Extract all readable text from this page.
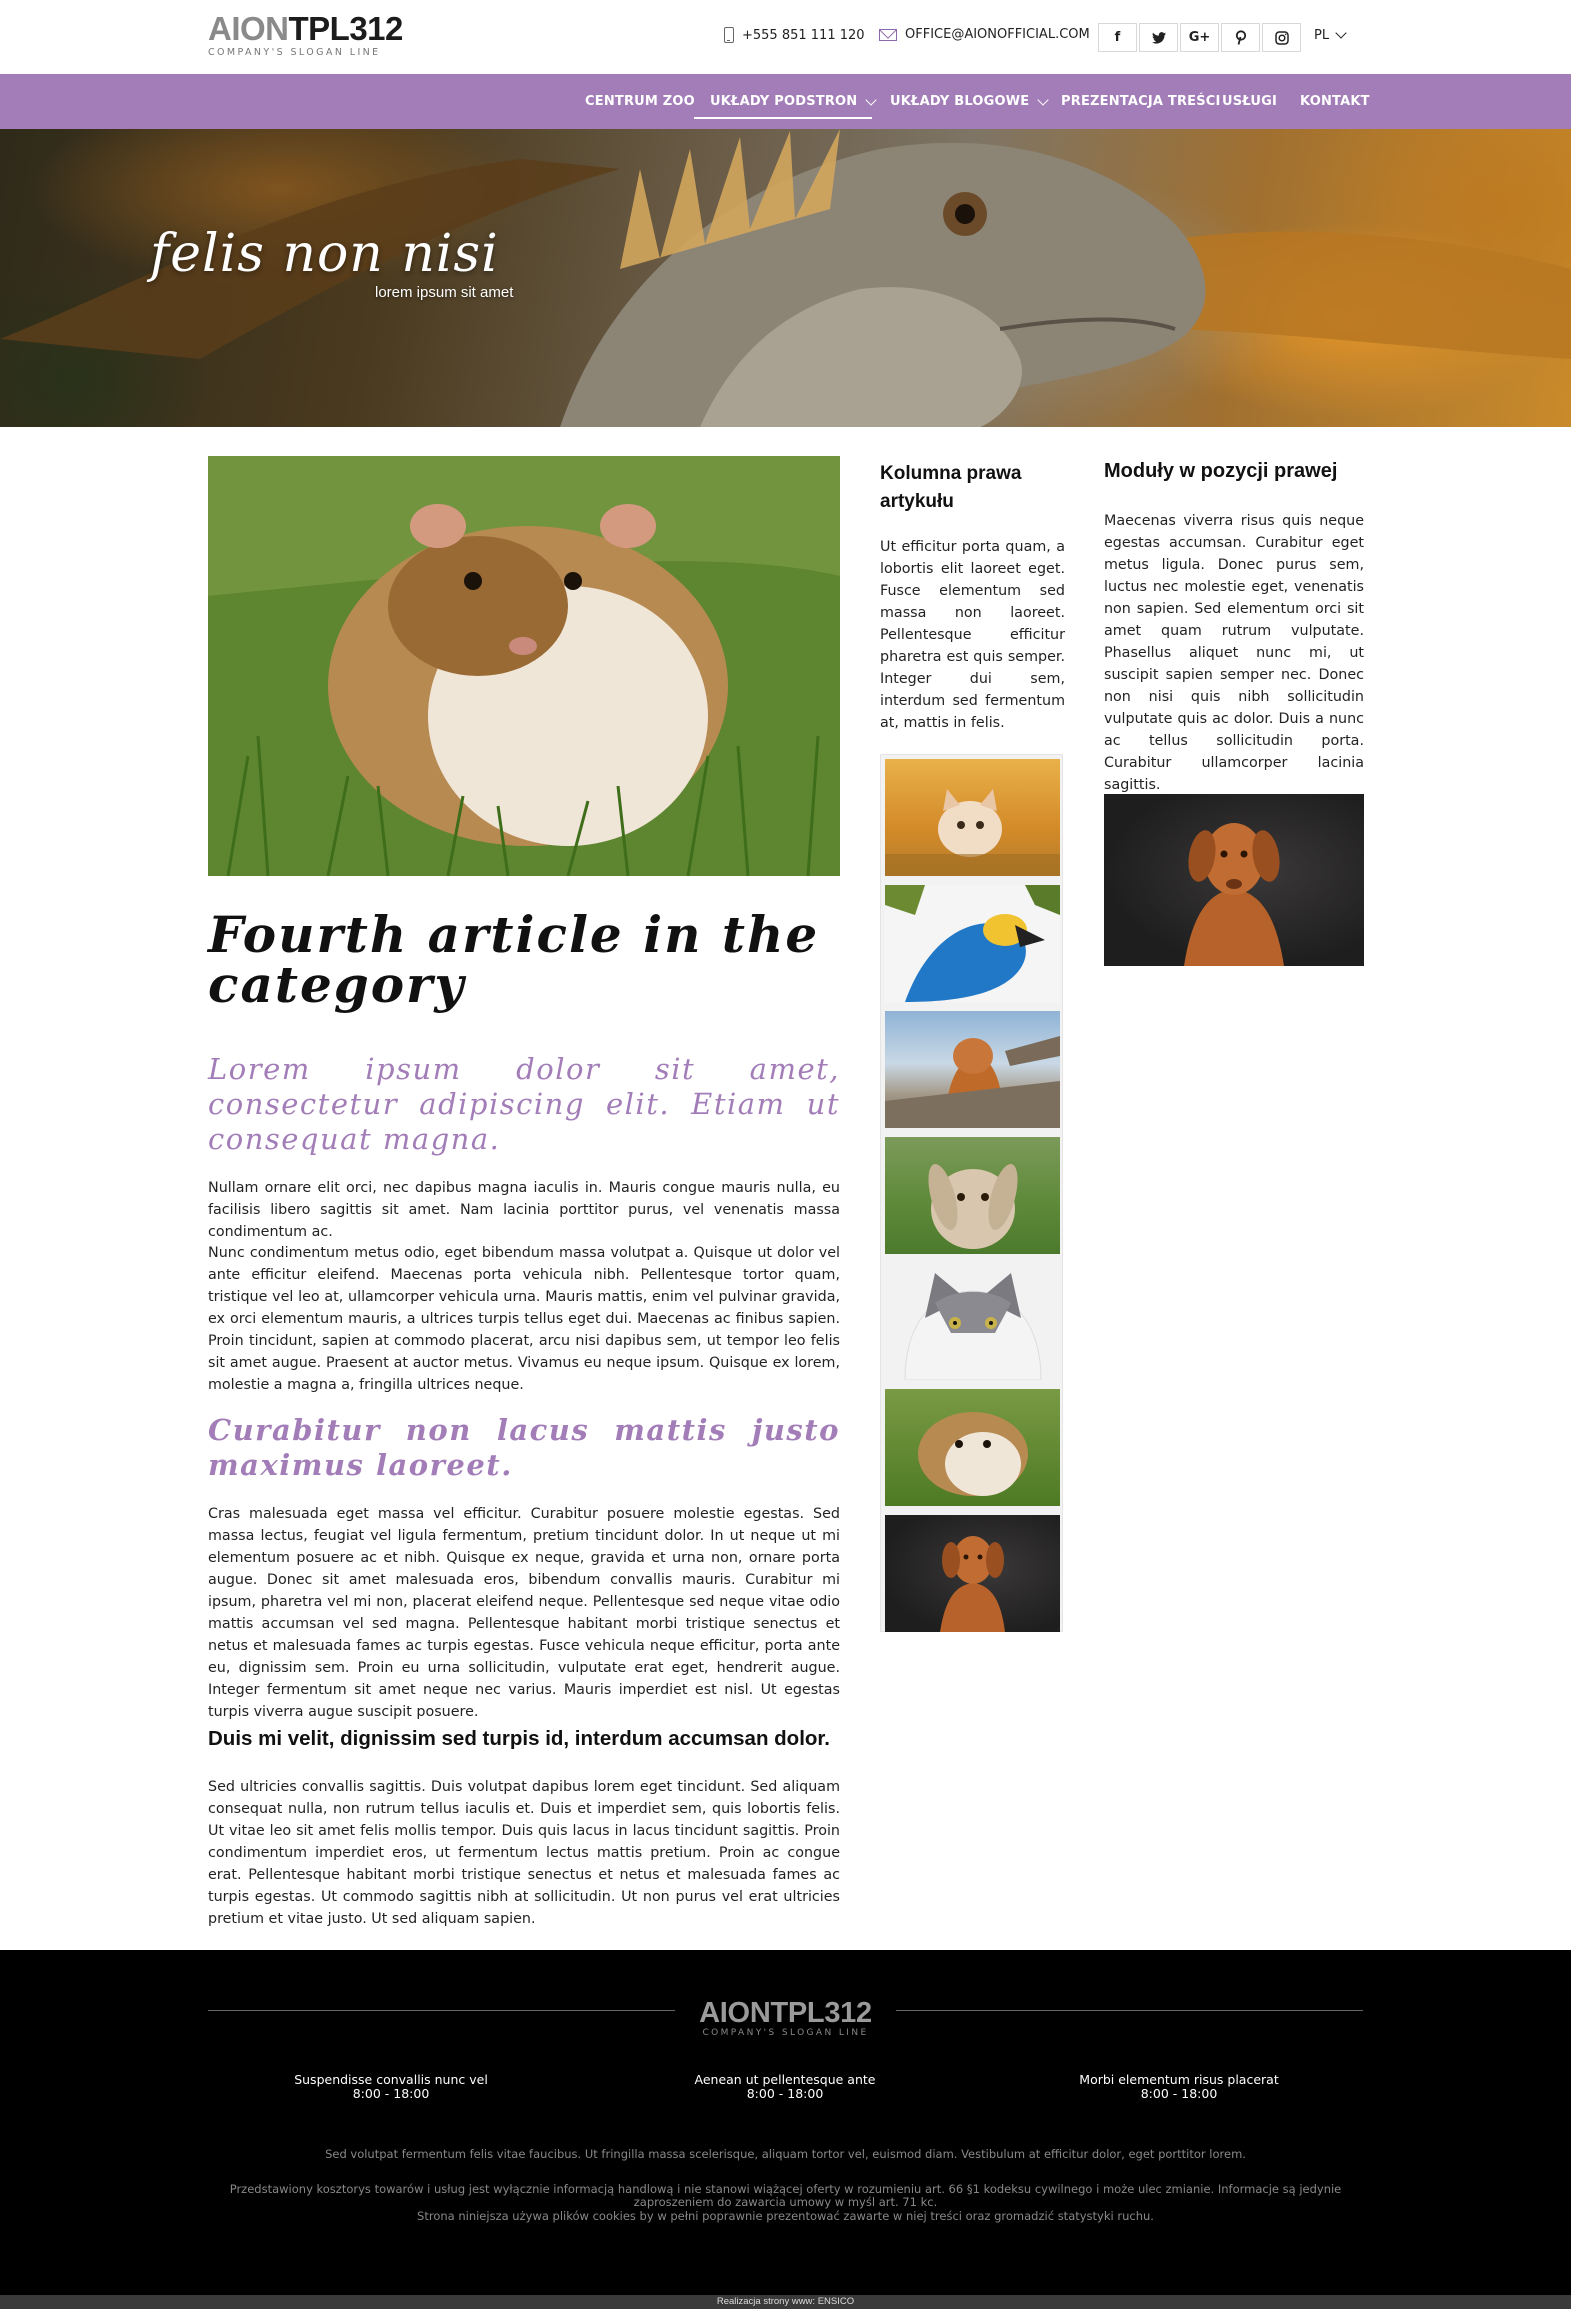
AIONTPL312
COMPANY'S SLOGAN LINE
+555 851 111 120	OFFICE@AIONOFFICIAL.COM	f	G+	PL
CENTRUM ZOO UKŁADY PODSTRON	UKŁADY BLOGOWE	PREZENTACJA TREŚCI USŁUGI KONTAKT
felis non nisi
lorem ipsum sit amet
Fourth article in the category

Lorem ipsum dolor sit amet, consectetur adipiscing elit. Etiam ut consequat magna.

Nullam ornare elit orci, nec dapibus magna iaculis in. Mauris congue mauris nulla, eu facilisis libero sagittis sit amet. Nam lacinia porttitor purus, vel venenatis massa condimentum ac.

Nunc condimentum metus odio, eget bibendum massa volutpat a. Quisque ut dolor vel ante efficitur eleifend. Maecenas porta vehicula nibh. Pellentesque tortor quam, tristique vel leo at, ullamcorper vehicula urna. Mauris mattis, enim vel pulvinar gravida, ex orci elementum mauris, a ultrices turpis tellus eget dui. Maecenas ac finibus sapien. Proin tincidunt, sapien at commodo placerat, arcu nisi dapibus sem, ut tempor leo felis sit amet augue. Praesent at auctor metus. Vivamus eu neque ipsum. Quisque ex lorem, molestie a magna a, fringilla ultrices neque.

Curabitur non lacus mattis justo maximus laoreet.

Cras malesuada eget massa vel efficitur. Curabitur posuere molestie egestas. Sed massa lectus, feugiat vel ligula fermentum, pretium tincidunt dolor. In ut neque ut mi elementum posuere ac et nibh. Quisque ex neque, gravida et urna non, ornare porta augue. Donec sit amet malesuada eros, bibendum convallis mauris. Curabitur mi ipsum, pharetra vel mi non, placerat eleifend neque. Pellentesque sed neque vitae odio mattis accumsan vel sed magna. Pellentesque habitant morbi tristique senectus et netus et malesuada fames ac turpis egestas. Fusce vehicula neque efficitur, porta ante eu, dignissim sem. Proin eu urna sollicitudin, vulputate erat eget, hendrerit augue. Integer fermentum sit amet neque nec varius. Mauris imperdiet est nisl. Ut egestas turpis viverra augue suscipit posuere.

Duis mi velit, dignissim sed turpis id, interdum accumsan dolor.

Sed ultricies convallis sagittis. Duis volutpat dapibus lorem eget tincidunt. Sed aliquam consequat nulla, non rutrum tellus iaculis et. Duis et imperdiet sem, quis lobortis felis. Ut vitae leo sit amet felis mollis tempor. Duis quis lacus in lacus tincidunt sagittis. Proin condimentum imperdiet eros, ut fermentum lectus mattis pretium. Proin ac congue erat. Pellentesque habitant morbi tristique senectus et netus et malesuada fames ac turpis egestas. Ut commodo sagittis nibh at sollicitudin. Ut non purus vel erat ultricies pretium et vitae justo. Ut sed aliquam sapien.

Kolumna prawa artykułu

Ut efficitur porta quam, a lobortis elit laoreet eget. Fusce elementum sed massa non laoreet. Pellentesque efficitur pharetra est quis semper. Integer dui sem, interdum sed fermentum at, mattis in felis.

Moduły w pozycji prawej

Maecenas viverra risus quis neque egestas accumsan. Curabitur eget metus ligula. Donec purus sem, luctus nec molestie eget, venenatis non sapien. Sed elementum orci sit amet quam rutrum vulputate. Phasellus aliquet nunc mi, ut suscipit sapien semper nec. Donec non nisi quis nibh sollicitudin vulputate quis ac dolor. Duis a nunc ac tellus sollicitudin porta. Curabitur ullamcorper lacinia sagittis.

AIONTPL312
COMPANY'S SLOGAN LINE
Suspendisse convallis nunc vel
8:00 - 18:00
Aenean ut pellentesque ante
8:00 - 18:00
Morbi elementum risus placerat
8:00 - 18:00
Sed volutpat fermentum felis vitae faucibus. Ut fringilla massa scelerisque, aliquam tortor vel, euismod diam. Vestibulum at efficitur dolor, eget porttitor lorem.
Przedstawiony kosztorys towarów i usług jest wyłącznie informacją handlową i nie stanowi wiążącej oferty w rozumieniu art. 66 §1 kodeksu cywilnego i może ulec zmianie. Informacje są jedynie zaproszeniem do zawarcia umowy w myśl art. 71 kc.
Strona niniejsza używa plików cookies by w pełni poprawnie prezentować zawarte w niej treści oraz gromadzić statystyki ruchu.
Realizacja strony www: ENSICO
